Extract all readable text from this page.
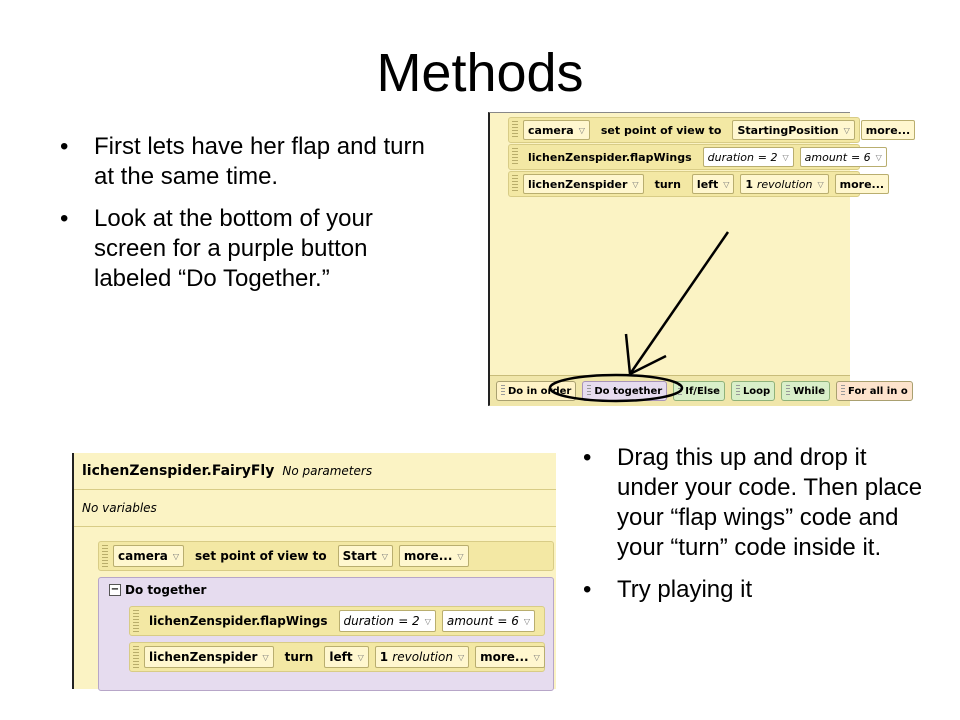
Methods
• First lets have her flap and turn at the same time.
• Look at the bottom of your screen for a purple button labeled “Do Together.”
• Drag this up and drop it under your code. Then place your “flap wings” code and your “turn” code inside it.
• Try playing it
camera ▽	set point of view to	StartingPosition ▽	more...
lichenZenspider.flapWings	duration
= 2 ▽ amount
= 6 ▽
lichenZenspider ▽	turn	left ▽ 1
revolution ▽	more...
Do in order Do together If/Else Loop While For all in o
lichenZenspider.FairyFly No parameters
No variables
camera ▽	set point of view to	Start ▽ more... ▽
− Do together
lichenZenspider.flapWings	duration
= 2 ▽ amount
= 6 ▽
lichenZenspider ▽	turn	left ▽ 1
revolution ▽ more... ▽
